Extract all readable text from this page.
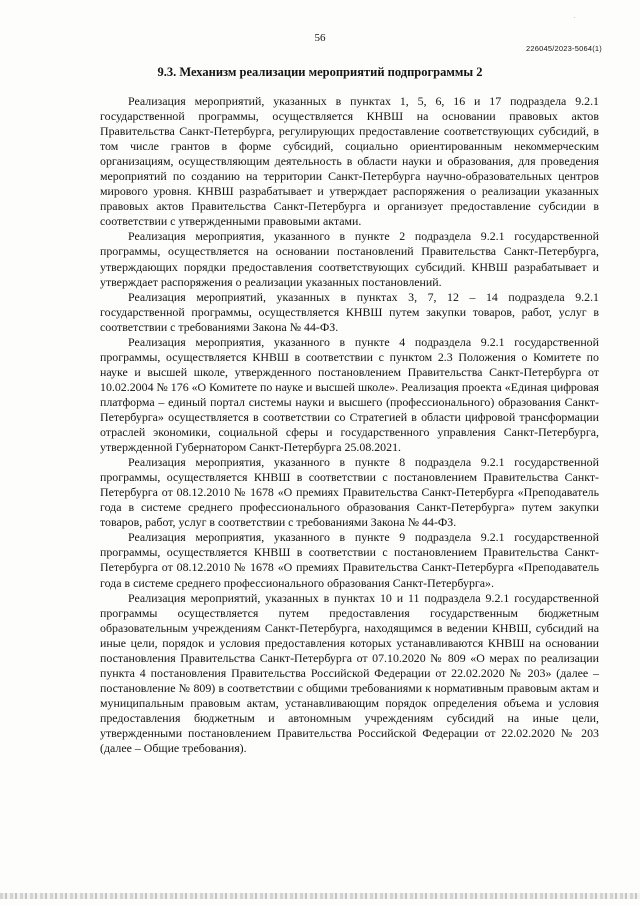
·
56
226045/2023-5064(1)
9.3. Механизм реализации мероприятий подпрограммы 2

Реализация мероприятий, указанных в пунктах 1, 5, 6, 16 и 17 подраздела 9.2.1 государственной программы, осуществляется КНВШ на основании правовых актов Правительства Санкт-Петербурга, регулирующих предоставление соответствующих субсидий, в том числе грантов в форме субсидий, социально ориентированным некоммерческим организациям, осуществляющим деятельность в области науки и образования, для проведения мероприятий по созданию на территории Санкт-Петербурга научно-образовательных центров мирового уровня. КНВШ разрабатывает и утверждает распоряжения о реализации указанных правовых актов Правительства Санкт-Петербурга и организует предоставление субсидии в соответствии с утвержденными правовыми актами.

Реализация мероприятия, указанного в пункте 2 подраздела 9.2.1 государственной программы, осуществляется на основании постановлений Правительства Санкт-Петербурга, утверждающих порядки предоставления соответствующих субсидий. КНВШ разрабатывает и утверждает распоряжения о реализации указанных постановлений.

Реализация мероприятий, указанных в пунктах 3, 7, 12 – 14 подраздела 9.2.1 государственной программы, осуществляется КНВШ путем закупки товаров, работ, услуг в соответствии с требованиями Закона № 44-ФЗ.

Реализация мероприятия, указанного в пункте 4 подраздела 9.2.1 государственной программы, осуществляется КНВШ в соответствии с пунктом 2.3 Положения о Комитете по науке и высшей школе, утвержденного постановлением Правительства Санкт-Петербурга от 10.02.2004 № 176 «О Комитете по науке и высшей школе». Реализация проекта «Единая цифровая платформа – единый портал системы науки и высшего (профессионального) образования Санкт-Петербурга» осуществляется в соответствии со Стратегией в области цифровой трансформации отраслей экономики, социальной сферы и государственного управления Санкт-Петербурга, утвержденной Губернатором Санкт-Петербурга 25.08.2021.

Реализация мероприятия, указанного в пункте 8 подраздела 9.2.1 государственной программы, осуществляется КНВШ в соответствии с постановлением Правительства Санкт-Петербурга от 08.12.2010 № 1678 «О премиях Правительства Санкт-Петербурга «Преподаватель года в системе среднего профессионального образования Санкт-Петербурга» путем закупки товаров, работ, услуг в соответствии с требованиями Закона № 44-ФЗ.

Реализация мероприятия, указанного в пункте 9 подраздела 9.2.1 государственной программы, осуществляется КНВШ в соответствии с постановлением Правительства Санкт-Петербурга от 08.12.2010 № 1678 «О премиях Правительства Санкт-Петербурга «Преподаватель года в системе среднего профессионального образования Санкт-Петербурга».

Реализация мероприятий, указанных в пунктах 10 и 11 подраздела 9.2.1 государственной программы осуществляется путем предоставления государственным бюджетным образовательным учреждениям Санкт-Петербурга, находящимся в ведении КНВШ, субсидий на иные цели, порядок и условия предоставления которых устанавливаются КНВШ на основании постановления Правительства Санкт-Петербурга от 07.10.2020 № 809 «О мерах по реализации пункта 4 постановления Правительства Российской Федерации от 22.02.2020 № 203» (далее – постановление № 809) в соответствии с общими требованиями к нормативным правовым актам и муниципальным правовым актам, устанавливающим порядок определения объема и условия предоставления бюджетным и автономным учреждениям субсидий на иные цели, утвержденными постановлением Правительства Российской Федерации от 22.02.2020 № 203 (далее – Общие требования).
